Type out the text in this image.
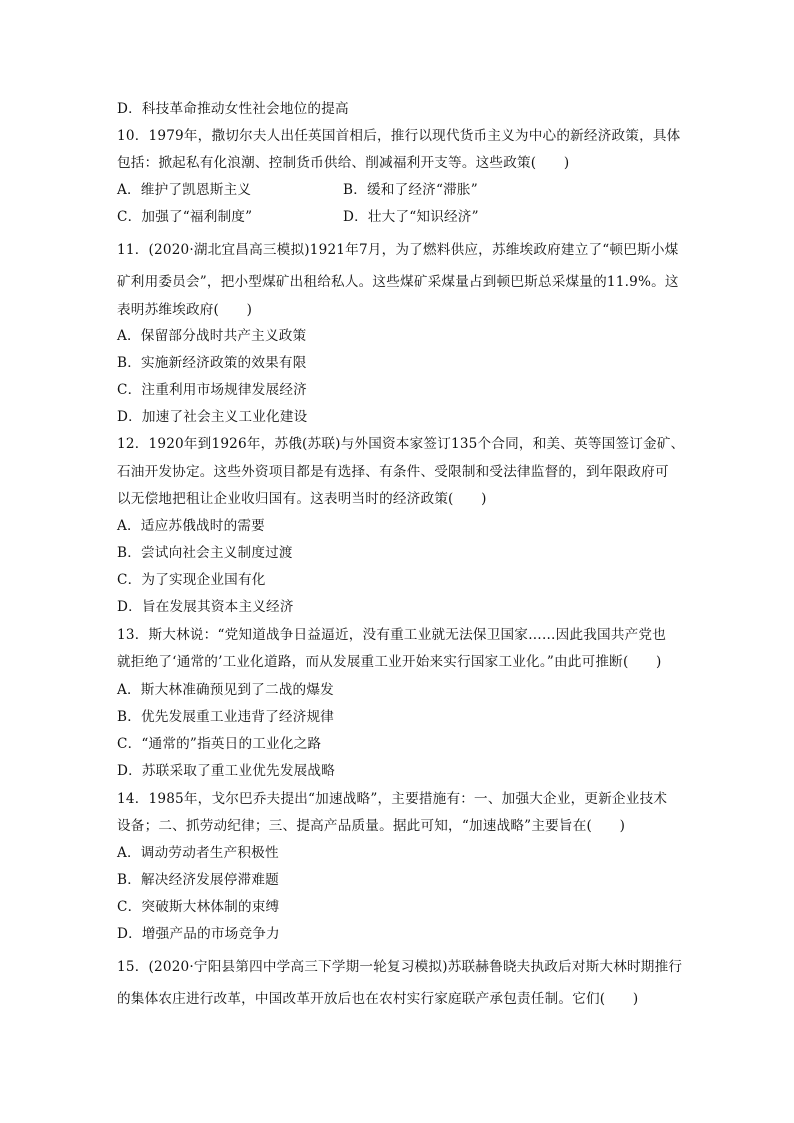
D．科技革命推动女性社会地位的提高
10．1979年，撒切尔夫人出任英国首相后，推行以现代货币主义为中心的新经济政策，具体
包括：掀起私有化浪潮、控制货币供给、削减福利开支等。这些政策(　　)
A．维护了凯恩斯主义	B．缓和了经济“滞胀”
C．加强了“福利制度”	D．壮大了“知识经济”
11．(2020·湖北宜昌高三模拟)1921年7月，为了燃料供应，苏维埃政府建立了“顿巴斯小煤
矿利用委员会”，把小型煤矿出租给私人。这些煤矿采煤量占到顿巴斯总采煤量的11.9%。这
表明苏维埃政府(　　)
A．保留部分战时共产主义政策
B．实施新经济政策的效果有限
C．注重利用市场规律发展经济
D．加速了社会主义工业化建设
12．1920年到1926年，苏俄(苏联)与外国资本家签订135个合同，和美、英等国签订金矿、
石油开发协定。这些外资项目都是有选择、有条件、受限制和受法律监督的，到年限政府可
以无偿地把租让企业收归国有。这表明当时的经济政策(　　)
A．适应苏俄战时的需要
B．尝试向社会主义制度过渡
C．为了实现企业国有化
D．旨在发展其资本主义经济
13．斯大林说：“党知道战争日益逼近，没有重工业就无法保卫国家……因此我国共产党也
就拒绝了‘通常的’工业化道路，而从发展重工业开始来实行国家工业化。”由此可推断(　　)
A．斯大林准确预见到了二战的爆发
B．优先发展重工业违背了经济规律
C．“通常的”指英日的工业化之路
D．苏联采取了重工业优先发展战略
14．1985年，戈尔巴乔夫提出“加速战略”，主要措施有：一、加强大企业，更新企业技术
设备；二、抓劳动纪律；三、提高产品质量。据此可知，“加速战略”主要旨在(　　)
A．调动劳动者生产积极性
B．解决经济发展停滞难题
C．突破斯大林体制的束缚
D．增强产品的市场竞争力
15．(2020·宁阳县第四中学高三下学期一轮复习模拟)苏联赫鲁晓夫执政后对斯大林时期推行
的集体农庄进行改革，中国改革开放后也在农村实行家庭联产承包责任制。它们(　　)
